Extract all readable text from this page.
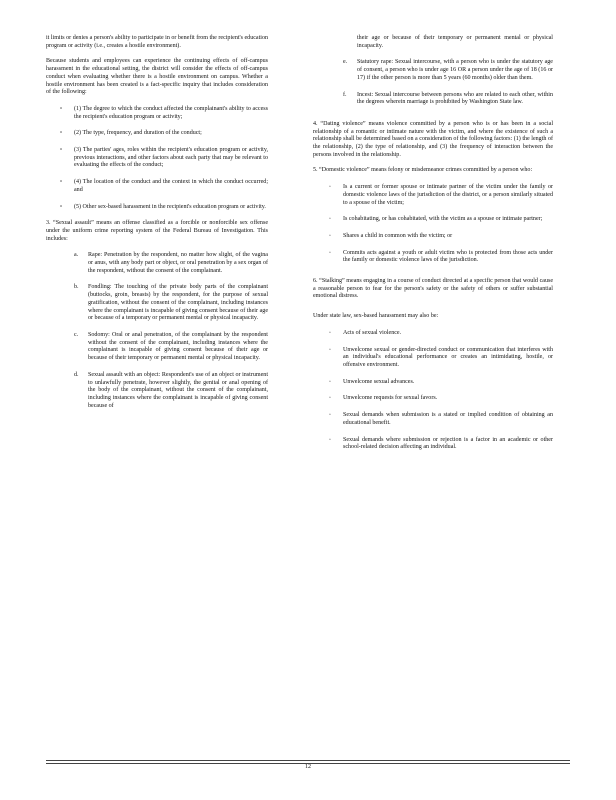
it limits or denies a person's ability to participate in or benefit from the recipient's education program or activity (i.e., creates a hostile environment).

Because students and employees can experience the continuing effects of off-campus harassment in the educational setting, the district will consider the effects of off-campus conduct when evaluating whether there is a hostile environment on campus. Whether a hostile environment has been created is a fact-specific inquiry that includes consideration of the following:

▫ (1) The degree to which the conduct affected the complainant's ability to access the recipient's education program or activity;

▫ (2) The type, frequency, and duration of the conduct;

▫ (3) The parties' ages, roles within the recipient's education program or activity, previous interactions, and other factors about each party that may be relevant to evaluating the effects of the conduct;

▫ (4) The location of the conduct and the context in which the conduct occurred; and

▫ (5) Other sex-based harassment in the recipient's education program or activity.

3. “Sexual assault” means an offense classified as a forcible or nonforcible sex offense under the uniform crime reporting system of the Federal Bureau of Investigation. This includes:

a. Rape: Penetration by the respondent, no matter how slight, of the vagina or anus, with any body part or object, or oral penetration by a sex organ of the respondent, without the consent of the complainant.

b. Fondling: The touching of the private body parts of the complainant (buttocks, groin, breasts) by the respondent, for the purpose of sexual gratification, without the consent of the complainant, including instances where the complainant is incapable of giving consent because of their age or because of a temporary or permanent mental or physical incapacity.

c. Sodomy: Oral or anal penetration, of the complainant by the respondent without the consent of the complainant, including instances where the complainant is incapable of giving consent because of their age or because of their temporary or permanent mental or physical incapacity.

d. Sexual assault with an object: Respondent's use of an object or instrument to unlawfully penetrate, however slightly, the genital or anal opening of the body of the complainant, without the consent of the complainant, including instances where the complainant is incapable of giving consent because of

their age or because of their temporary or permanent mental or physical incapacity.

e. Statutory rape: Sexual intercourse, with a person who is under the statutory age of consent, a person who is under age 16 OR a person under the age of 18 (16 or 17) if the other person is more than 5 years (60 months) older than them.

f. Incest: Sexual intercourse between persons who are related to each other, within the degrees wherein marriage is prohibited by Washington State law.

4. “Dating violence” means violence committed by a person who is or has been in a social relationship of a romantic or intimate nature with the victim, and where the existence of such a relationship shall be determined based on a consideration of the following factors: (1) the length of the relationship, (2) the type of relationship, and (3) the frequency of interaction between the persons involved in the relationship.

5. “Domestic violence” means felony or misdemeanor crimes committed by a person who:

▫ Is a current or former spouse or intimate partner of the victim under the family or domestic violence laws of the jurisdiction of the district, or a person similarly situated to a spouse of the victim;

▫ Is cohabitating, or has cohabitated, with the victim as a spouse or intimate partner;

▫ Shares a child in common with the victim; or

▫ Commits acts against a youth or adult victim who is protected from those acts under the family or domestic violence laws of the jurisdiction.

6. “Stalking” means engaging in a course of conduct directed at a specific person that would cause a reasonable person to fear for the person's safety or the safety of others or suffer substantial emotional distress.

Under state law, sex-based harassment may also be:

▫ Acts of sexual violence.

▫ Unwelcome sexual or gender-directed conduct or communication that interferes with an individual's educational performance or creates an intimidating, hostile, or offensive environment.

▫ Unwelcome sexual advances.

▫ Unwelcome requests for sexual favors.

▫ Sexual demands when submission is a stated or implied condition of obtaining an educational benefit.

▫ Sexual demands where submission or rejection is a factor in an academic or other school-related decision affecting an individual.

12
